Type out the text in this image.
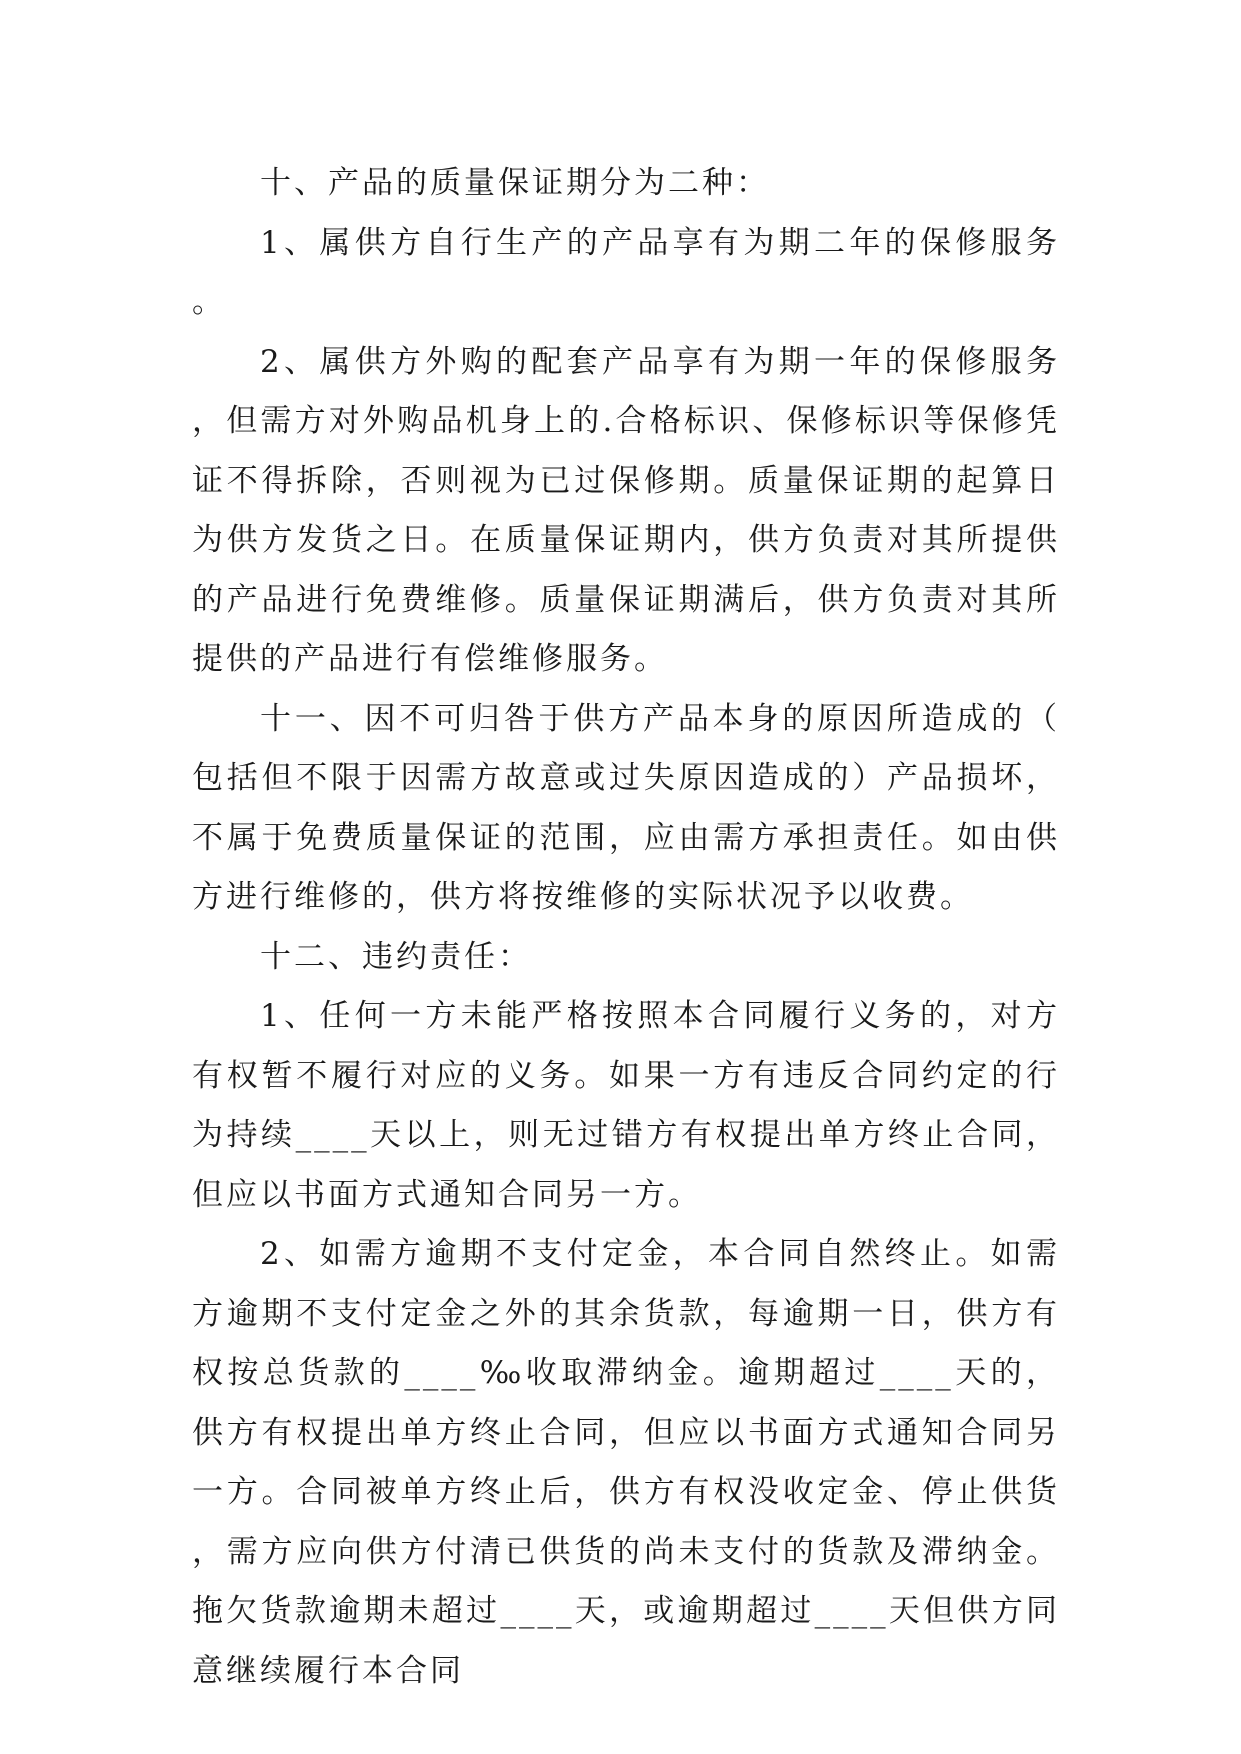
十、产品的质量保证期分为二种：

1、属供方自行生产的产品享有为期二年的保修服务。

2、属供方外购的配套产品享有为期一年的保修服务，但需方对外购品机身上的.合格标识、保修标识等保修凭证不得拆除，否则视为已过保修期。质量保证期的起算日为供方发货之日。在质量保证期内，供方负责对其所提供的产品进行免费维修。质量保证期满后，供方负责对其所提供的产品进行有偿维修服务。

十一、因不可归咎于供方产品本身的原因所造成的（包括但不限于因需方故意或过失原因造成的）产品损坏，不属于免费质量保证的范围，应由需方承担责任。如由供方进行维修的，供方将按维修的实际状况予以收费。

十二、违约责任：

1、任何一方未能严格按照本合同履行义务的，对方有权暂不履行对应的义务。如果一方有违反合同约定的行为持续____天以上，则无过错方有权提出单方终止合同，但应以书面方式通知合同另一方。

2、如需方逾期不支付定金，本合同自然终止。如需方逾期不支付定金之外的其余货款，每逾期一日，供方有权按总货款的____‰收取滞纳金。逾期超过____天的，供方有权提出单方终止合同，但应以书面方式通知合同另一方。合同被单方终止后，供方有权没收定金、停止供货，需方应向供方付清已供货的尚未支付的货款及滞纳金。拖欠货款逾期未超过____天，或逾期超过____天但供方同意继续履行本合同
